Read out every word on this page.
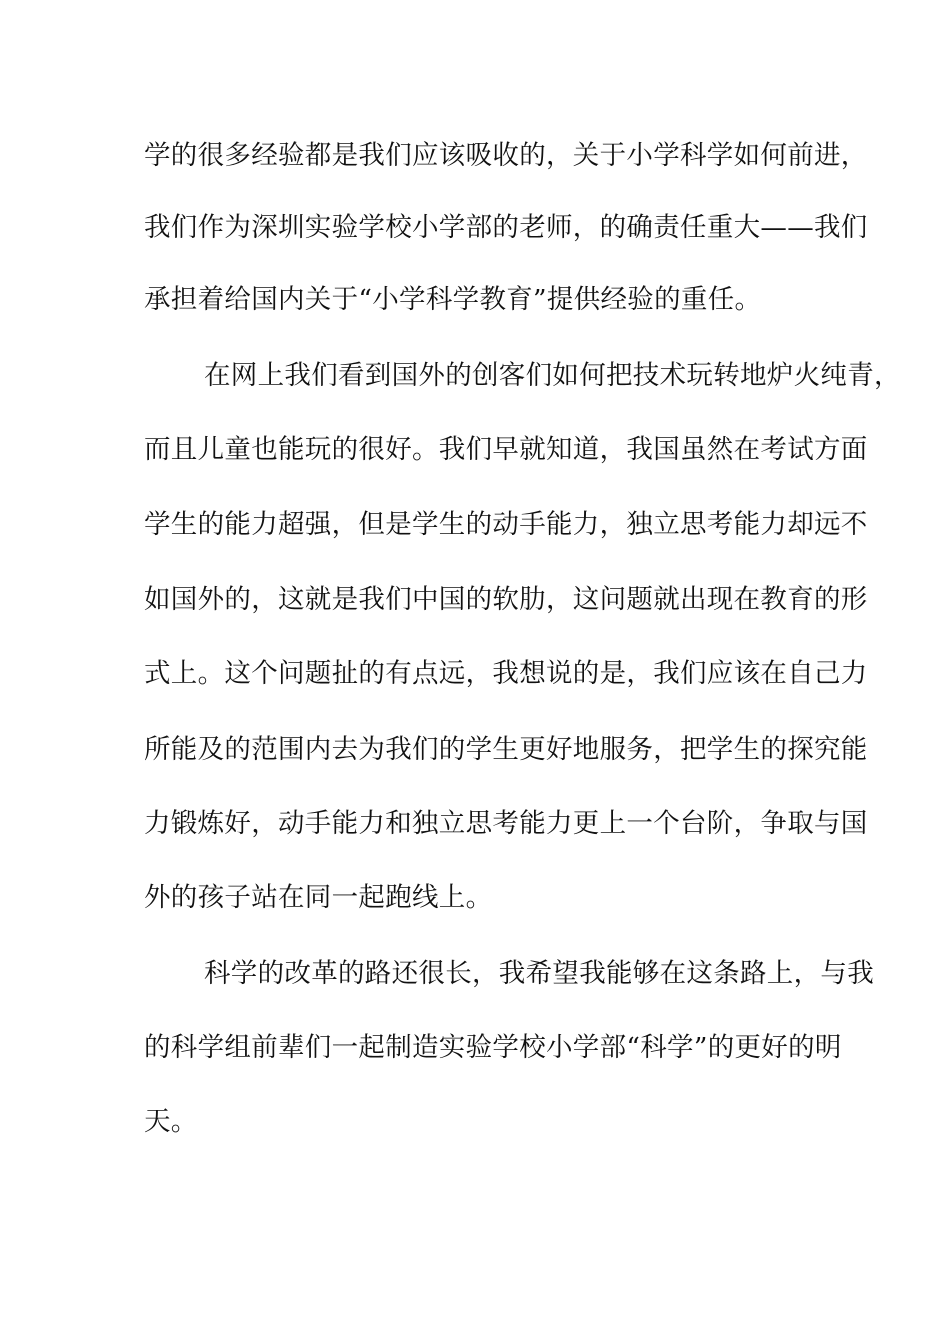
学的很多经验都是我们应该吸收的，关于小学科学如何前进，

我们作为深圳实验学校小学部的老师，的确责任重大——我们

承担着给国内关于“小学科学教育”提供经验的重任。

在网上我们看到国外的创客们如何把技术玩转地炉火纯青，

而且儿童也能玩的很好。我们早就知道，我国虽然在考试方面

学生的能力超强，但是学生的动手能力，独立思考能力却远不

如国外的，这就是我们中国的软肋，这问题就出现在教育的形

式上。这个问题扯的有点远，我想说的是，我们应该在自己力

所能及的范围内去为我们的学生更好地服务，把学生的探究能

力锻炼好，动手能力和独立思考能力更上一个台阶，争取与国

外的孩子站在同一起跑线上。

科学的改革的路还很长，我希望我能够在这条路上，与我

的科学组前辈们一起制造实验学校小学部“科学”的更好的明

天。
